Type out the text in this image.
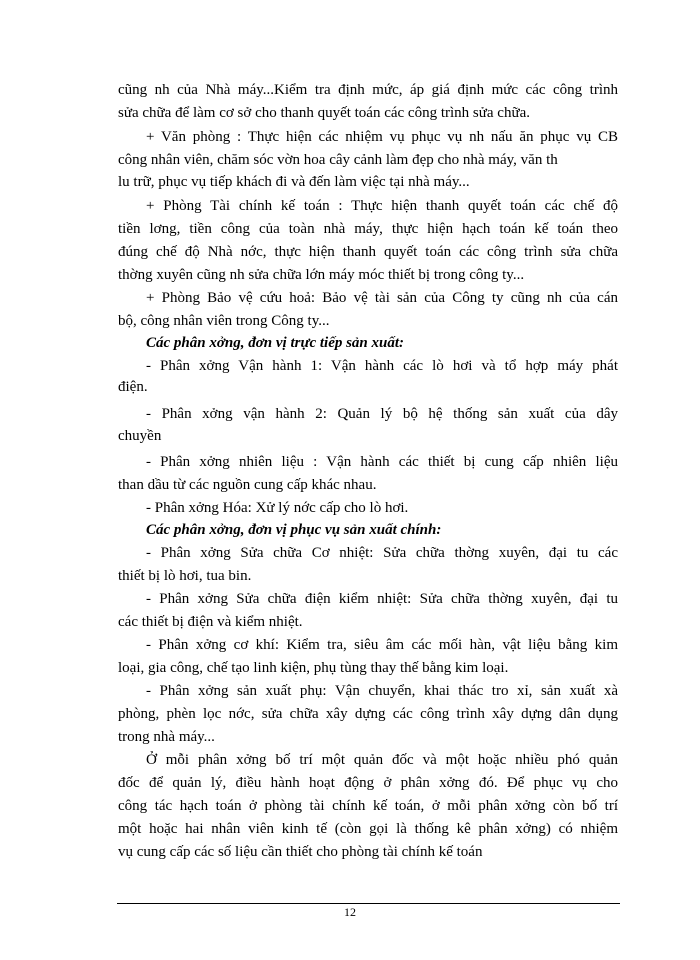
cũng nh của Nhà máy...Kiểm tra định mức, áp giá định mức các công trình
sửa chữa để làm cơ sở cho thanh quyết toán các công trình sửa chữa.
+ Văn phòng : Thực hiện các nhiệm vụ phục vụ nh nấu ăn phục vụ CB
công nhân viên, chăm sóc vờn hoa cây cảnh làm đẹp cho nhà máy, văn th
lu trữ, phục vụ tiếp khách đi và đến làm việc tại nhà máy...
+ Phòng Tài chính kế toán : Thực hiện thanh quyết toán các chế độ
tiền lơng, tiền công của toàn nhà máy, thực hiện hạch toán kế toán theo
đúng chế độ Nhà nớc, thực hiện thanh quyết toán các công trình sửa chữa
thờng xuyên cũng nh sửa chữa lớn máy móc thiết bị trong công ty...
+ Phòng Bảo vệ cứu hoả: Bảo vệ tài sản của Công ty cũng nh của cán
bộ, công nhân viên trong Công ty...
Các phân xởng, đơn vị trực tiếp sản xuất:
- Phân xởng Vận hành 1: Vận hành các lò hơi và tổ hợp máy phát
điện.
- Phân xởng vận hành 2: Quản lý bộ hệ thống sản xuất của dây
chuyền
- Phân xởng nhiên liệu : Vận hành các thiết bị cung cấp nhiên liệu
than dầu từ các nguồn cung cấp khác nhau.
- Phân xởng Hóa: Xử lý nớc cấp cho lò hơi.
Các phân xởng, đơn vị phục vụ sản xuất chính:
- Phân xởng Sửa chữa Cơ nhiệt: Sửa chữa thờng xuyên, đại tu các
thiết bị lò hơi, tua bin.
- Phân xởng Sửa chữa điện kiểm nhiệt: Sửa chữa thờng xuyên, đại tu
các thiết bị điện và kiểm nhiệt.
- Phân xởng cơ khí: Kiểm tra, siêu âm các mối hàn, vật liệu bằng kim
loại, gia công, chế tạo linh kiện, phụ tùng thay thế bằng kim loại.
- Phân xởng sản xuất phụ: Vận chuyển, khai thác tro xỉ, sản xuất xà
phòng, phèn lọc nớc, sửa chữa xây dựng các công trình xây dựng dân dụng
trong nhà máy...
Ở mỗi phân xởng bố trí một quản đốc và một hoặc nhiều phó quản
đốc để quản lý, điều hành hoạt động ở phân xởng đó. Để phục vụ cho
công tác hạch toán ở phòng tài chính kế toán, ở mỗi phân xởng còn bố trí
một hoặc hai nhân viên kinh tế (còn gọi là thống kê phân xởng) có nhiệm
vụ cung cấp các số liệu cần thiết cho phòng tài chính kế toán
12
